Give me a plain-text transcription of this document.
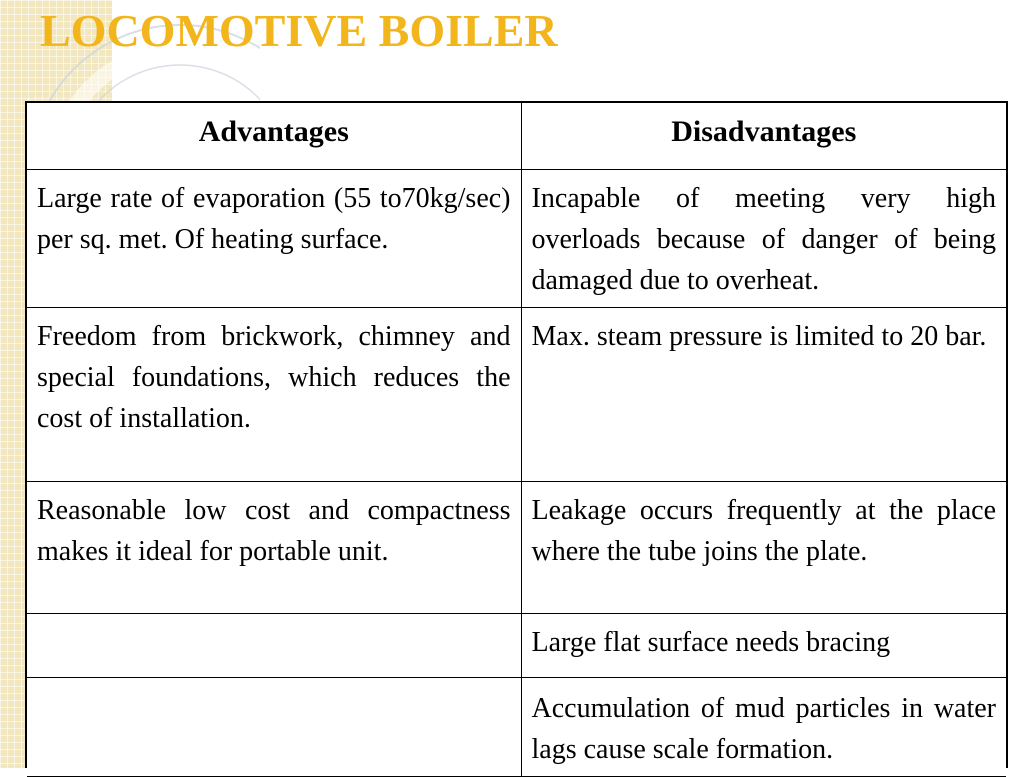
LOCOMOTIVE BOILER
Advantages	Disadvantages
Large rate of evaporation (55 to70kg/sec) per sq. met. Of heating surface.	Incapable of meeting very high overloads because of danger of being damaged due to overheat.
Freedom from brickwork, chimney and special foundations, which reduces the cost of installation.	Max. steam pressure is limited to 20 bar.
Reasonable low cost and compactness makes it ideal for portable unit.	Leakage occurs frequently at the place where the tube joins the plate.
	Large flat surface needs bracing
	Accumulation of mud particles in water lags cause scale formation.
